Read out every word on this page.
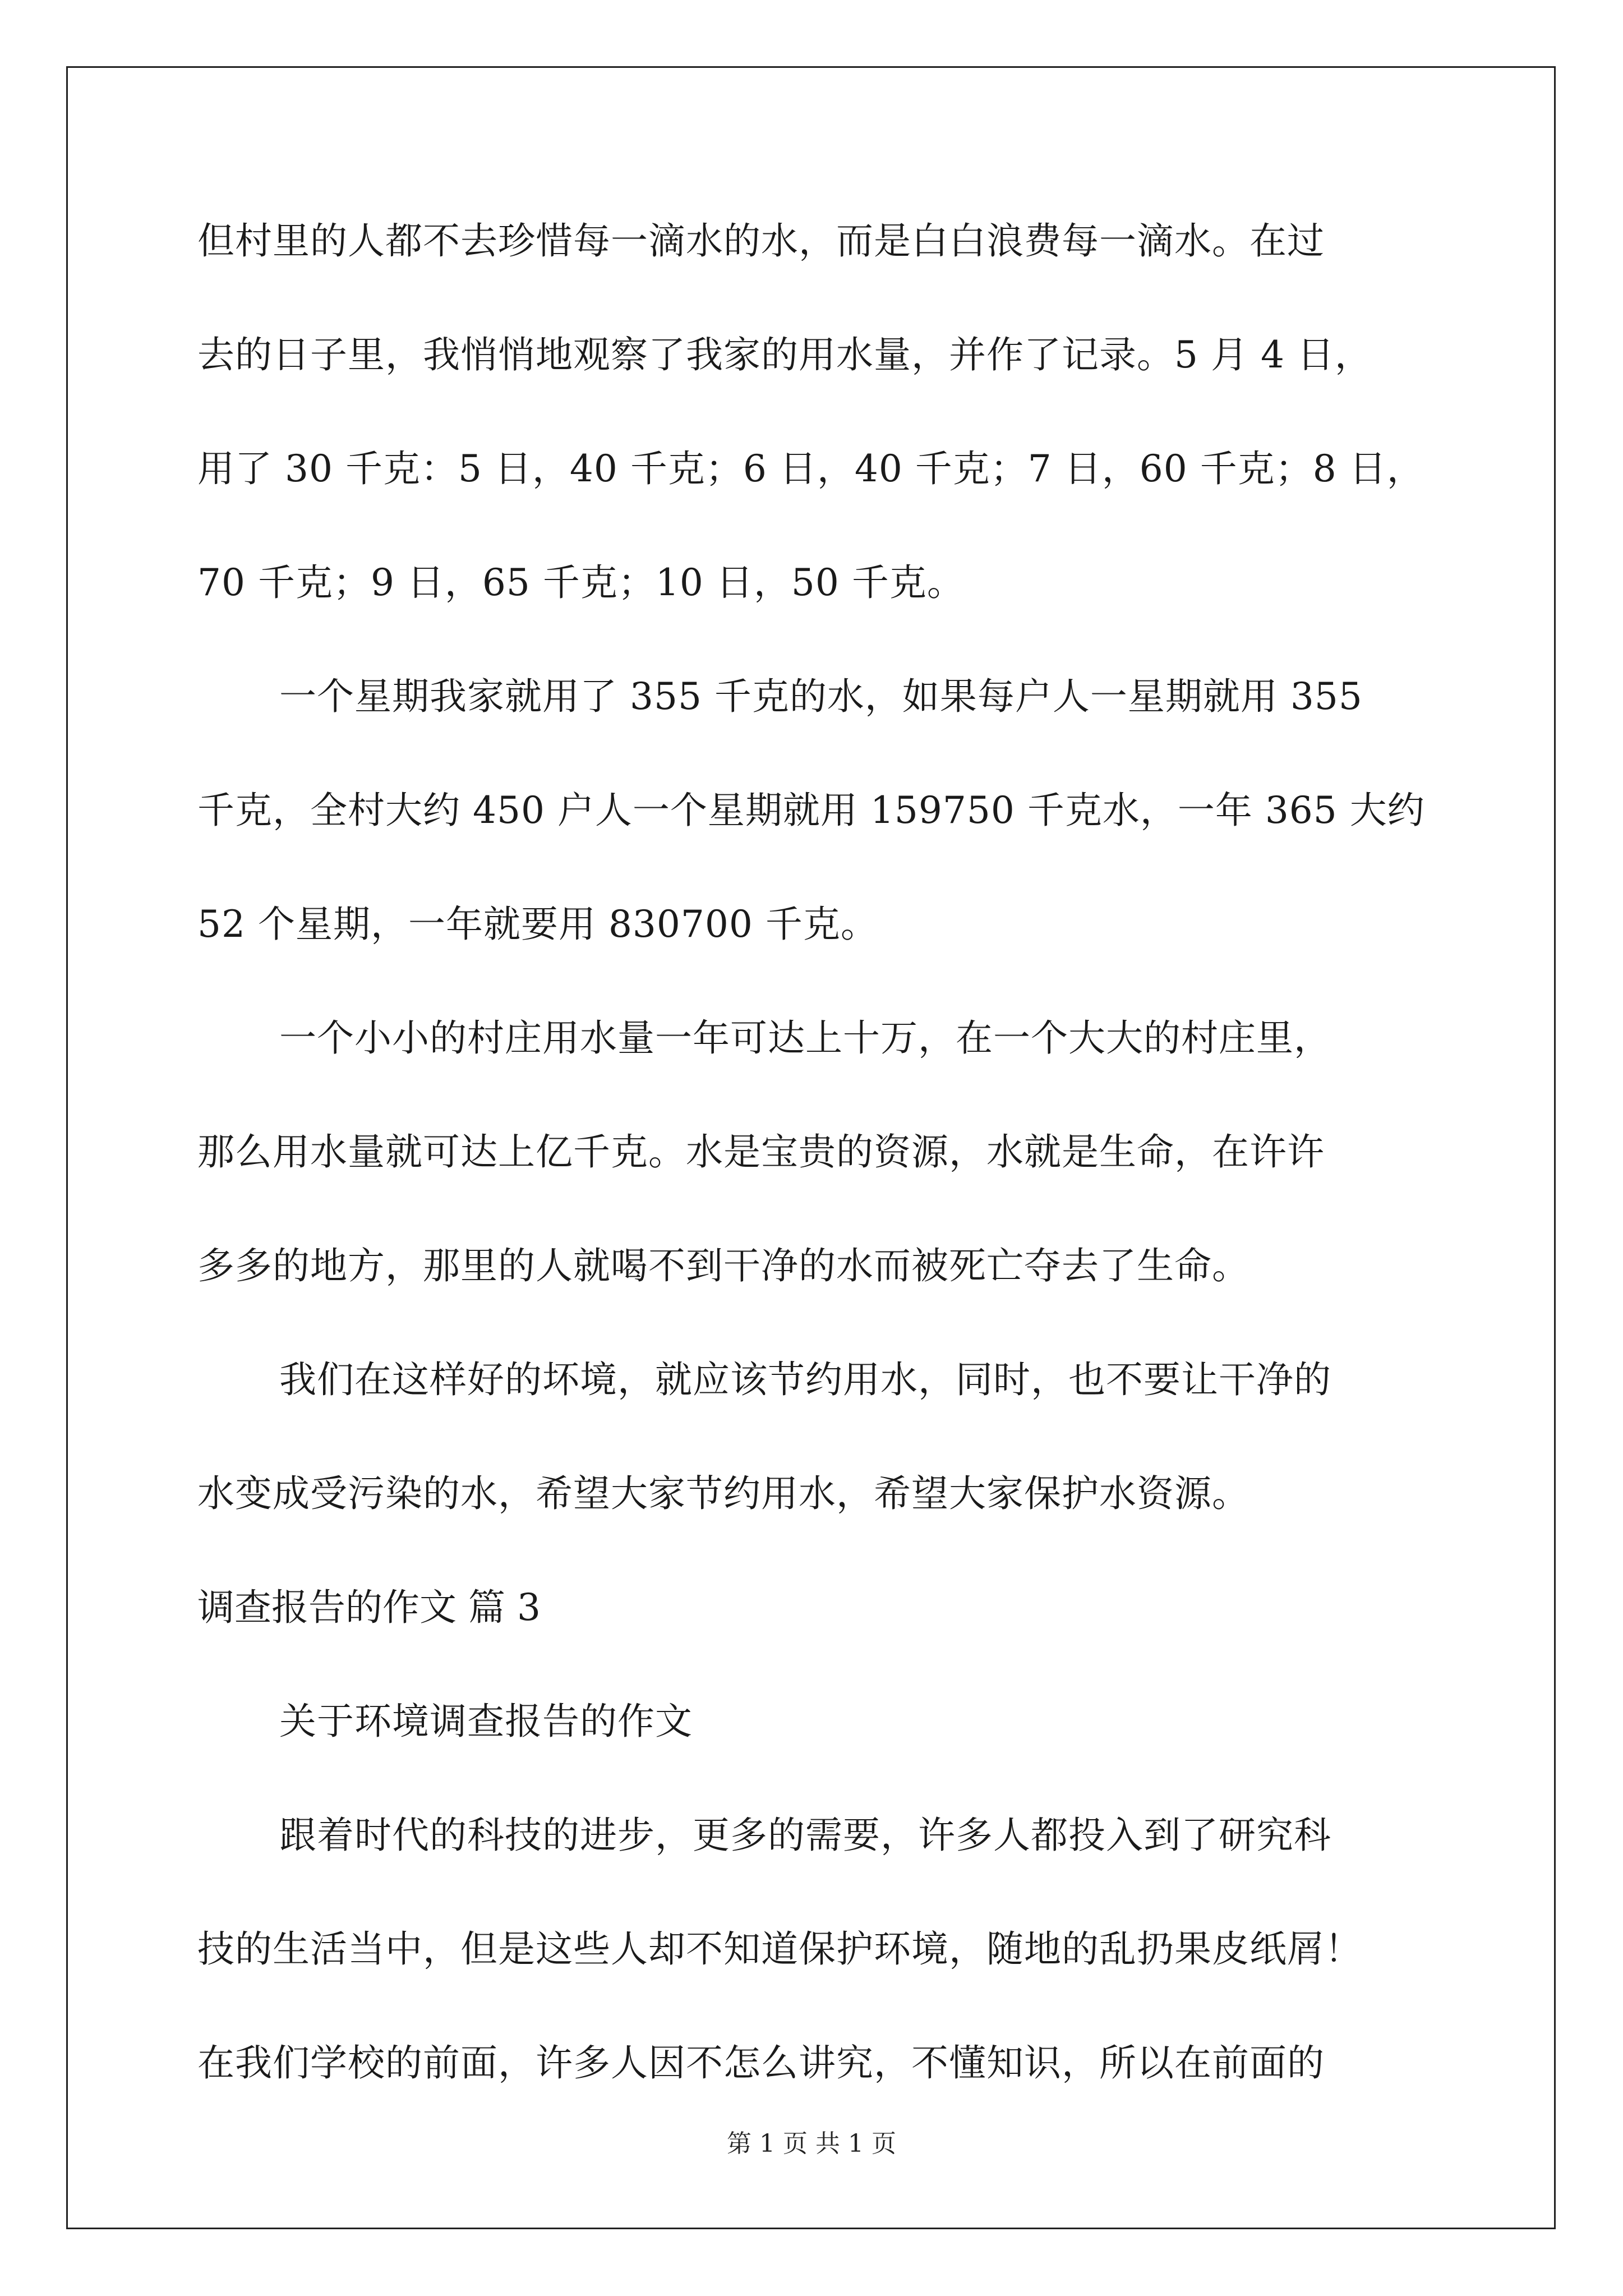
但村里的人都不去珍惜每一滴水的水，而是白白浪费每一滴水。在过
去的日子里，我悄悄地观察了我家的用水量，并作了记录。5 月 4 日，
用了 30 千克：5 日，40 千克；6 日，40 千克；7 日，60 千克；8 日，
70 千克；9 日，65 千克；10 日，50 千克。
一个星期我家就用了 355 千克的水，如果每户人一星期就用 355
千克，全村大约 450 户人一个星期就用 159750 千克水，一年 365 大约
52 个星期，一年就要用 830700 千克。
一个小小的村庄用水量一年可达上十万，在一个大大的村庄里，
那么用水量就可达上亿千克。水是宝贵的资源，水就是生命，在许许
多多的地方，那里的人就喝不到干净的水而被死亡夺去了生命。
我们在这样好的坏境，就应该节约用水，同时，也不要让干净的
水变成受污染的水，希望大家节约用水，希望大家保护水资源。
调查报告的作文 篇 3
关于环境调查报告的作文
跟着时代的科技的进步，更多的需要，许多人都投入到了研究科
技的生活当中，但是这些人却不知道保护环境，随地的乱扔果皮纸屑！
在我们学校的前面，许多人因不怎么讲究，不懂知识，所以在前面的
第 1 页 共 1 页
